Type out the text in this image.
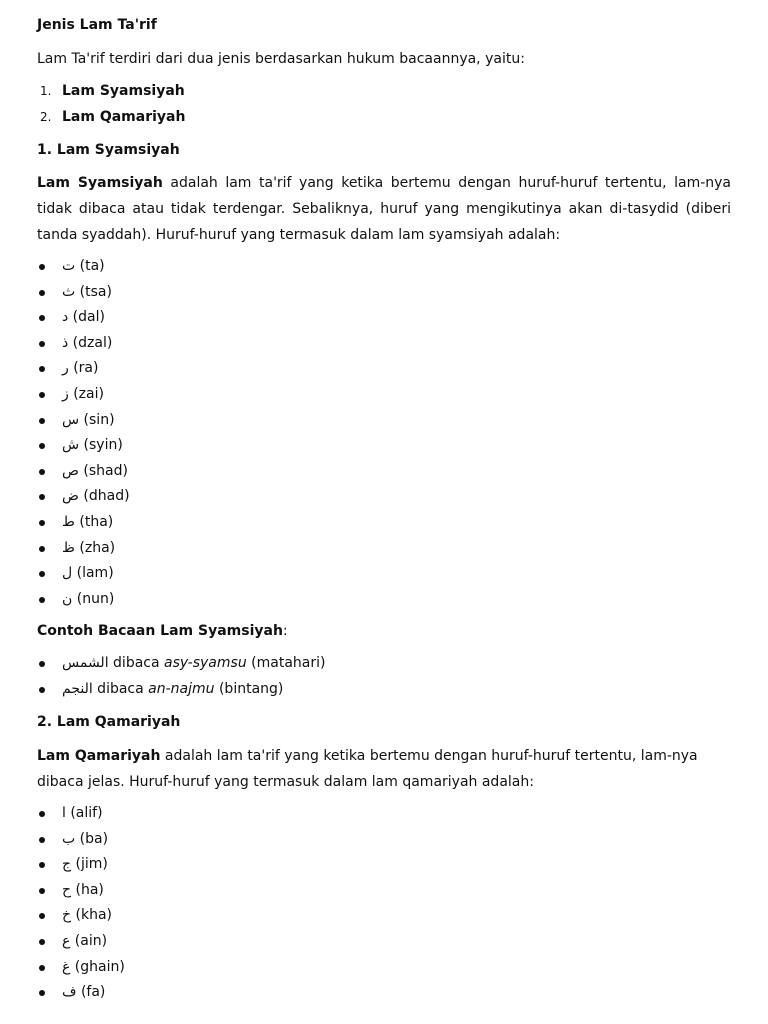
Jenis Lam Ta'rif

Lam Ta'rif terdiri dari dua jenis berdasarkan hukum bacaannya, yaitu:

1. Lam Syamsiyah
2. Lam Qamariyah

1. Lam Syamsiyah

Lam Syamsiyah adalah lam ta'rif yang ketika bertemu dengan huruf-huruf tertentu, lam-nya tidak dibaca atau tidak terdengar. Sebaliknya, huruf yang mengikutinya akan di-tasydid (diberi tanda syaddah). Huruf-huruf yang termasuk dalam lam syamsiyah adalah:

ت (ta)
ث (tsa)
د (dal)
ذ (dzal)
ر (ra)
ز (zai)
س (sin)
ش (syin)
ص (shad)
ض (dhad)
ط (tha)
ظ (zha)
ل (lam)
ن (nun)

Contoh Bacaan Lam Syamsiyah:

الشمس dibaca asy-syamsu (matahari)
النجم dibaca an-najmu (bintang)

2. Lam Qamariyah

Lam Qamariyah adalah lam ta'rif yang ketika bertemu dengan huruf-huruf tertentu, lam-nya dibaca jelas. Huruf-huruf yang termasuk dalam lam qamariyah adalah:

ا (alif)
ب (ba)
ج (jim)
ح (ha)
خ (kha)
ع (ain)
غ (ghain)
ف (fa)
